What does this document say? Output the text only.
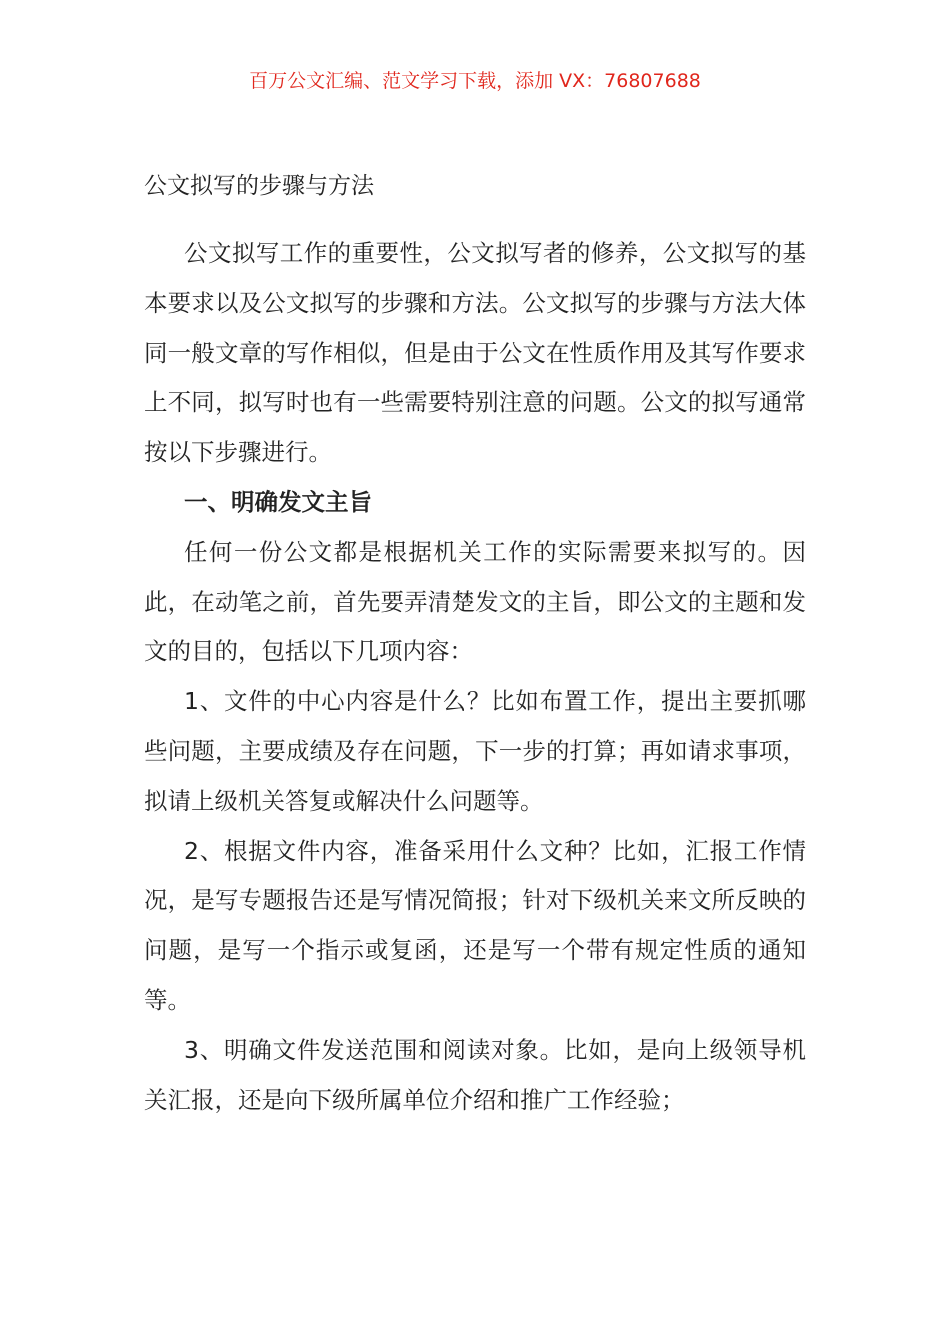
百万公文汇编、范文学习下载，添加 VX：76807688
公文拟写的步骤与方法

公文拟写工作的重要性，公文拟写者的修养，公文拟写的基本要求以及公文拟写的步骤和方法。公文拟写的步骤与方法大体同一般文章的写作相似，但是由于公文在性质作用及其写作要求上不同，拟写时也有一些需要特别注意的问题。公文的拟写通常按以下步骤进行。

一、明确发文主旨

任何一份公文都是根据机关工作的实际需要来拟写的。因此，在动笔之前，首先要弄清楚发文的主旨，即公文的主题和发文的目的，包括以下几项内容：

1、文件的中心内容是什么？比如布置工作，提出主要抓哪些问题，主要成绩及存在问题，下一步的打算；再如请求事项，拟请上级机关答复或解决什么问题等。

2、根据文件内容，准备采用什么文种？比如，汇报工作情况，是写专题报告还是写情况简报；针对下级机关来文所反映的问题，是写一个指示或复函，还是写一个带有规定性质的通知等。

3、明确文件发送范围和阅读对象。比如，是向上级领导机关汇报，还是向下级所属单位介绍和推广工作经验；
